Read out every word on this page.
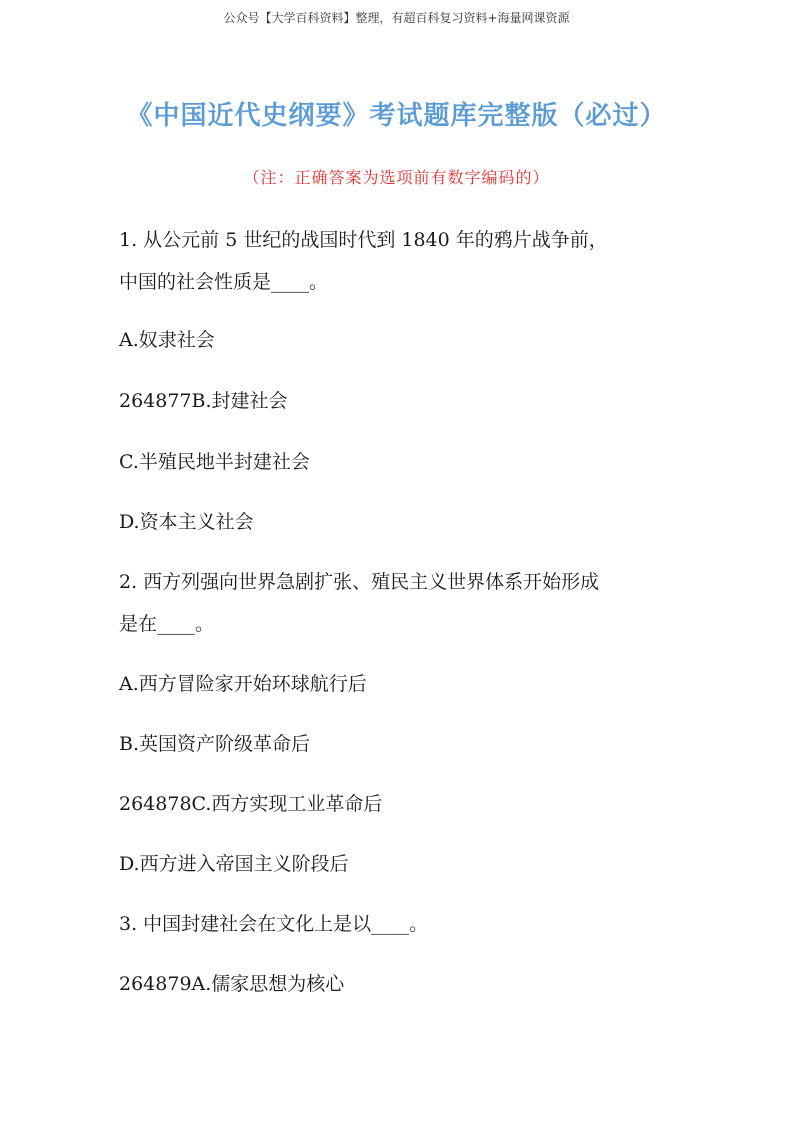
公众号【大学百科资料】整理，有超百科复习资料+海量网课资源
《中国近代史纲要》考试题库完整版（必过）
（注：正确答案为选项前有数字编码的）
1. 从公元前 5 世纪的战国时代到 1840 年的鸦片战争前，
中国的社会性质是____。
A.奴隶社会
264877B.封建社会
C.半殖民地半封建社会
D.资本主义社会
2. 西方列强向世界急剧扩张、殖民主义世界体系开始形成
是在____。
A.西方冒险家开始环球航行后
B.英国资产阶级革命后
264878C.西方实现工业革命后
D.西方进入帝国主义阶段后
3. 中国封建社会在文化上是以____。
264879A.儒家思想为核心
